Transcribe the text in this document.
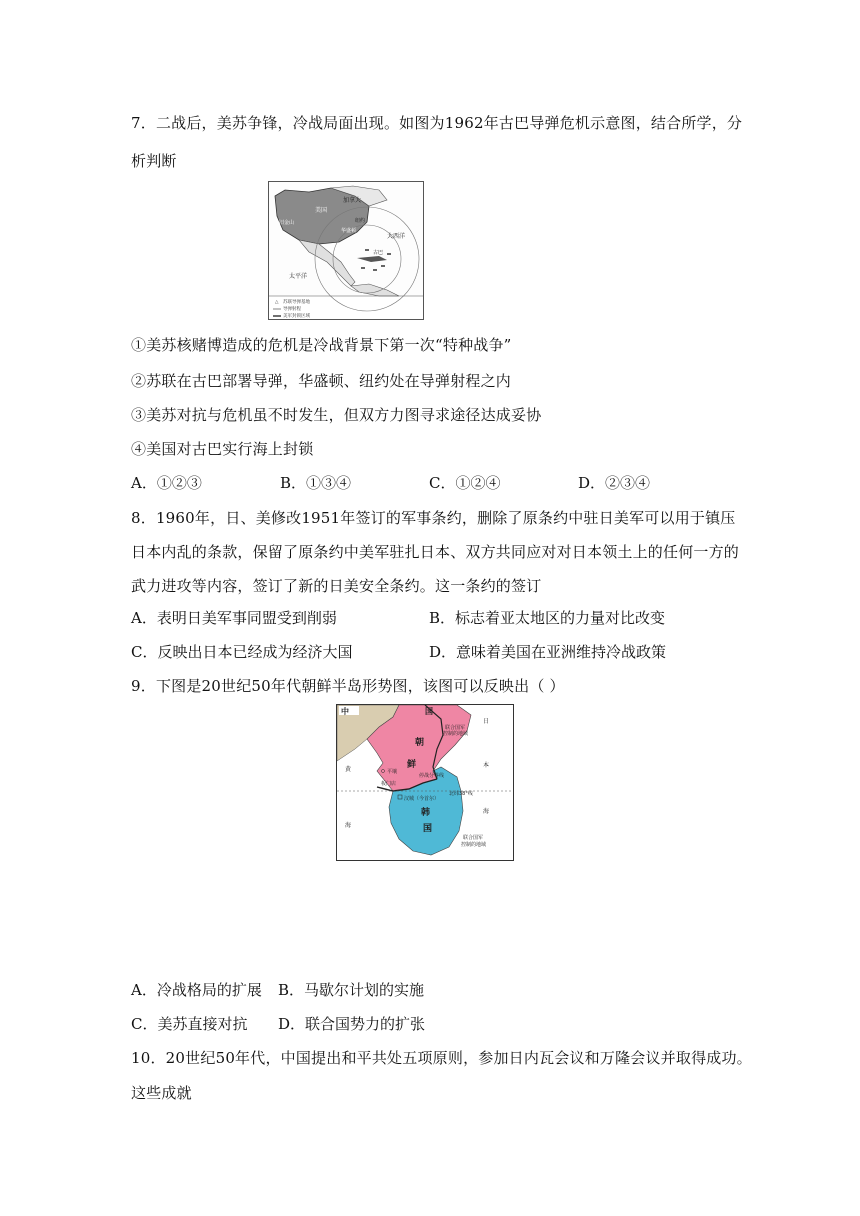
7．二战后，美苏争锋，冷战局面出现。如图为1962年古巴导弹危机示意图，结合所学，分
析判断
加拿大
美国
旧金山
华盛顿
纽约
大西洋
太平洋
古巴
△ 苏联导弹基地
导弹射程
美军封锁区域
①美苏核赌博造成的危机是冷战背景下第一次“特种战争”
②苏联在古巴部署导弹，华盛顿、纽约处在导弹射程之内
③美苏对抗与危机虽不时发生，但双方力图寻求途径达成妥协
④美国对古巴实行海上封锁
A．①②③	B．①③④	C．①②④	D．②③④
8．1960年，日、美修改1951年签订的军事条约，删除了原条约中驻日美军可以用于镇压
日本内乱的条款，保留了原条约中美军驻扎日本、双方共同应对对日本领土上的任何一方的
武力进攻等内容，签订了新的日美安全条约。这一条约的签订
A．表明日美军事同盟受到削弱	B．标志着亚太地区的力量对比改变
C．反映出日本已经成为经济大国	D．意味着美国在亚洲维持冷战政策
9．下图是20世纪50年代朝鲜半岛形势图，该图可以反映出（ ）
中	国
朝
鲜
韩
国
联合国军
控制的地域
平壤
板门店
停战分界线
北纬38°线
汉城（今首尔）
黄
海
日
本
海
联合国军
控制的地域
A．冷战格局的扩展 B．马歇尔计划的实施
C．美苏直接对抗 D．联合国势力的扩张
10．20世纪50年代，中国提出和平共处五项原则，参加日内瓦会议和万隆会议并取得成功。
这些成就
